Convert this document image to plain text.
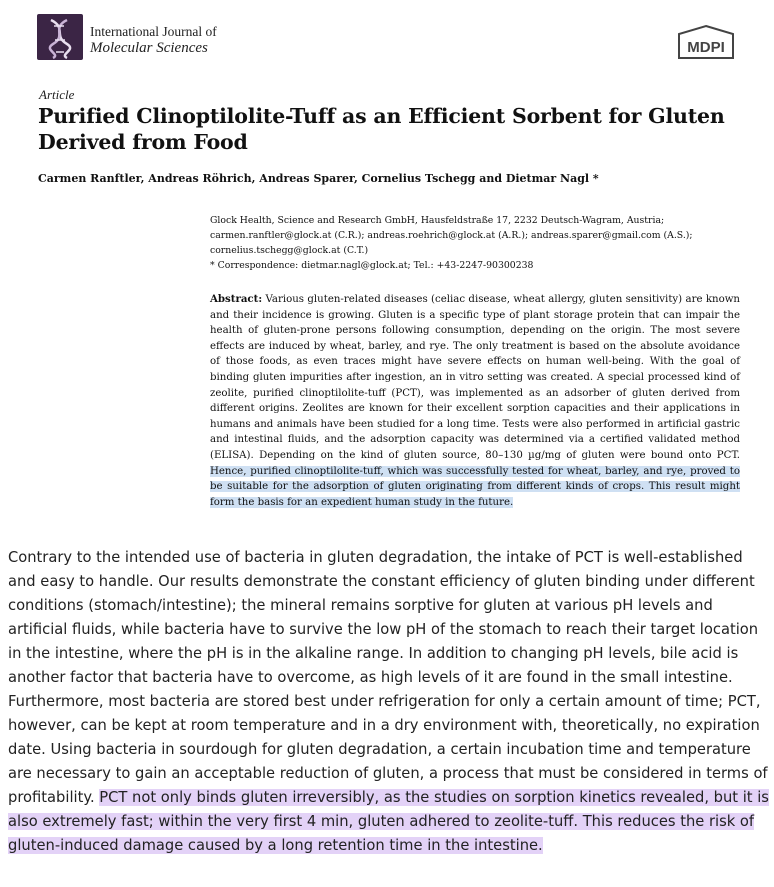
International Journal of
Molecular Sciences	MDPI
Article
Purified Clinoptilolite-Tuff as an Efficient Sorbent for Gluten Derived from Food
Carmen Ranftler, Andreas Röhrich, Andreas Sparer, Cornelius Tschegg and Dietmar Nagl *
Glock Health, Science and Research GmbH, Hausfeldstraße 17, 2232 Deutsch-Wagram, Austria;
carmen.ranftler@glock.at (C.R.); andreas.roehrich@glock.at (A.R.); andreas.sparer@gmail.com (A.S.);
cornelius.tschegg@glock.at (C.T.)
* Correspondence: dietmar.nagl@glock.at; Tel.: +43-2247-90300238
Abstract: Various gluten-related diseases (celiac disease, wheat allergy, gluten sensitivity) are known and their incidence is growing. Gluten is a specific type of plant storage protein that can impair the health of gluten-prone persons following consumption, depending on the origin. The most severe effects are induced by wheat, barley, and rye. The only treatment is based on the absolute avoidance of those foods, as even traces might have severe effects on human well-being. With the goal of binding gluten impurities after ingestion, an in vitro setting was created. A special processed kind of zeolite, purified clinoptilolite-tuff (PCT), was implemented as an adsorber of gluten derived from different origins. Zeolites are known for their excellent sorption capacities and their applications in humans and animals have been studied for a long time. Tests were also performed in artificial gastric and intestinal fluids, and the adsorption capacity was determined via a certified validated method (ELISA). Depending on the kind of gluten source, 80–130 µg/mg of gluten were bound onto PCT. Hence, purified clinoptilolite-tuff, which was successfully tested for wheat, barley, and rye, proved to be suitable for the adsorption of gluten originating from different kinds of crops. This result might form the basis for an expedient human study in the future.
Contrary to the intended use of bacteria in gluten degradation, the intake of PCT is well-established and easy to handle. Our results demonstrate the constant efficiency of gluten binding under different conditions (stomach/intestine); the mineral remains sorptive for gluten at various pH levels and artificial fluids, while bacteria have to survive the low pH of the stomach to reach their target location in the intestine, where the pH is in the alkaline range. In addition to changing pH levels, bile acid is another factor that bacteria have to overcome, as high levels of it are found in the small intestine. Furthermore, most bacteria are stored best under refrigeration for only a certain amount of time; PCT, however, can be kept at room temperature and in a dry environment with, theoretically, no expiration date. Using bacteria in sourdough for gluten degradation, a certain incubation time and temperature are necessary to gain an acceptable reduction of gluten, a process that must be considered in terms of profitability. PCT not only binds gluten irreversibly, as the studies on sorption kinetics revealed, but it is also extremely fast; within the very first 4 min, gluten adhered to zeolite-tuff. This reduces the risk of gluten-induced damage caused by a long retention time in the intestine.
